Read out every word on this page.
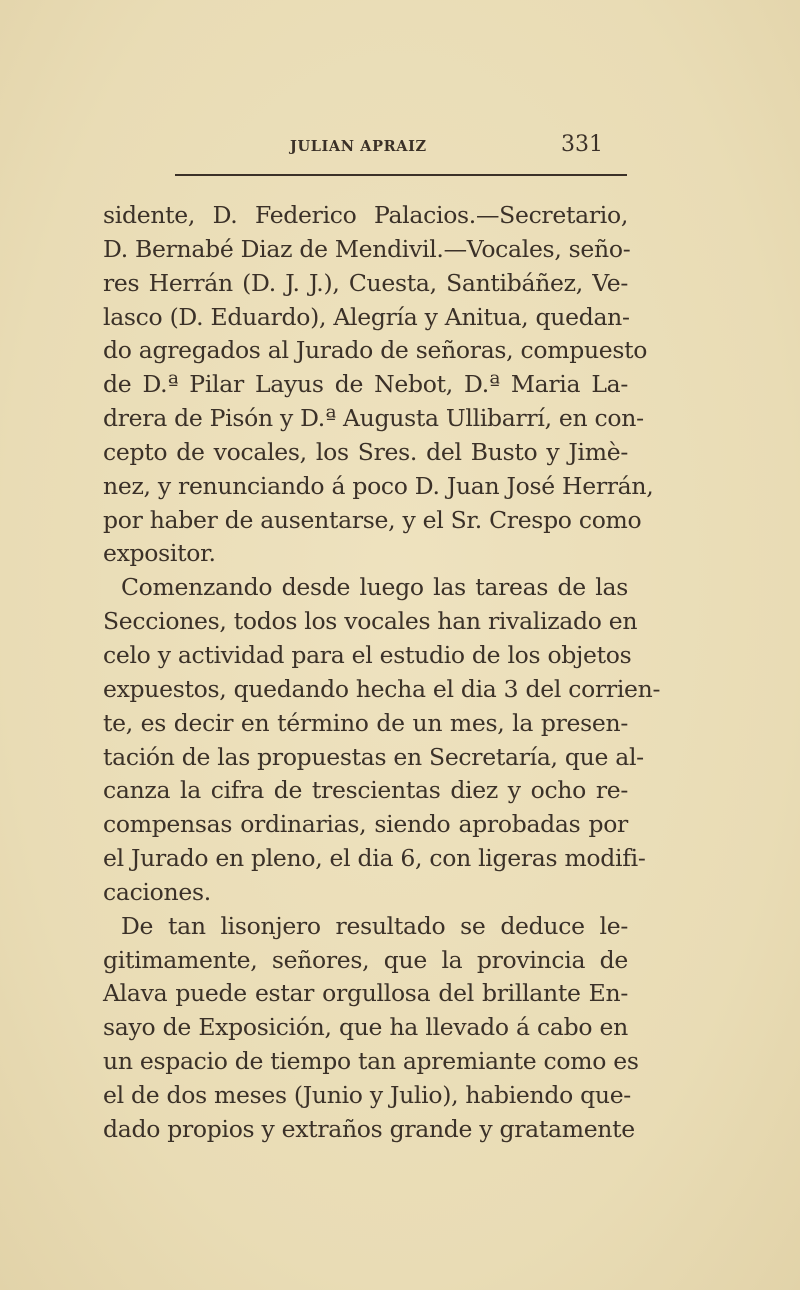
JULIAN APRAIZ	331
sidente, D. Federico Palacios.—Secretario,
D. Bernabé Diaz de Mendivil.—Vocales, seño-
res Herrán (D. J. J.), Cuesta, Santibáñez, Ve-
lasco (D. Eduardo), Alegría y Anitua, quedan-
do agregados al Jurado de señoras, compuesto
de D.ª Pilar Layus de Nebot, D.ª Maria La-
drera de Pisón y D.ª Augusta Ullibarrí, en con-
cepto de vocales, los Sres. del Busto y Jimè-
nez, y renunciando á poco D. Juan José Herrán,
por haber de ausentarse, y el Sr. Crespo como
expositor.
Comenzando desde luego las tareas de las
Secciones, todos los vocales han rivalizado en
celo y actividad para el estudio de los objetos
expuestos, quedando hecha el dia 3 del corrien-
te, es decir en término de un mes, la presen-
tación de las propuestas en Secretaría, que al-
canza la cifra de trescientas diez y ocho re-
compensas ordinarias, siendo aprobadas por
el Jurado en pleno, el dia 6, con ligeras modifi-
caciones.
De tan lisonjero resultado se deduce le-
gitimamente, señores, que la provincia de
Alava puede estar orgullosa del brillante En-
sayo de Exposición, que ha llevado á cabo en
un espacio de tiempo tan apremiante como es
el de dos meses (Junio y Julio), habiendo que-
dado propios y extraños grande y gratamente
